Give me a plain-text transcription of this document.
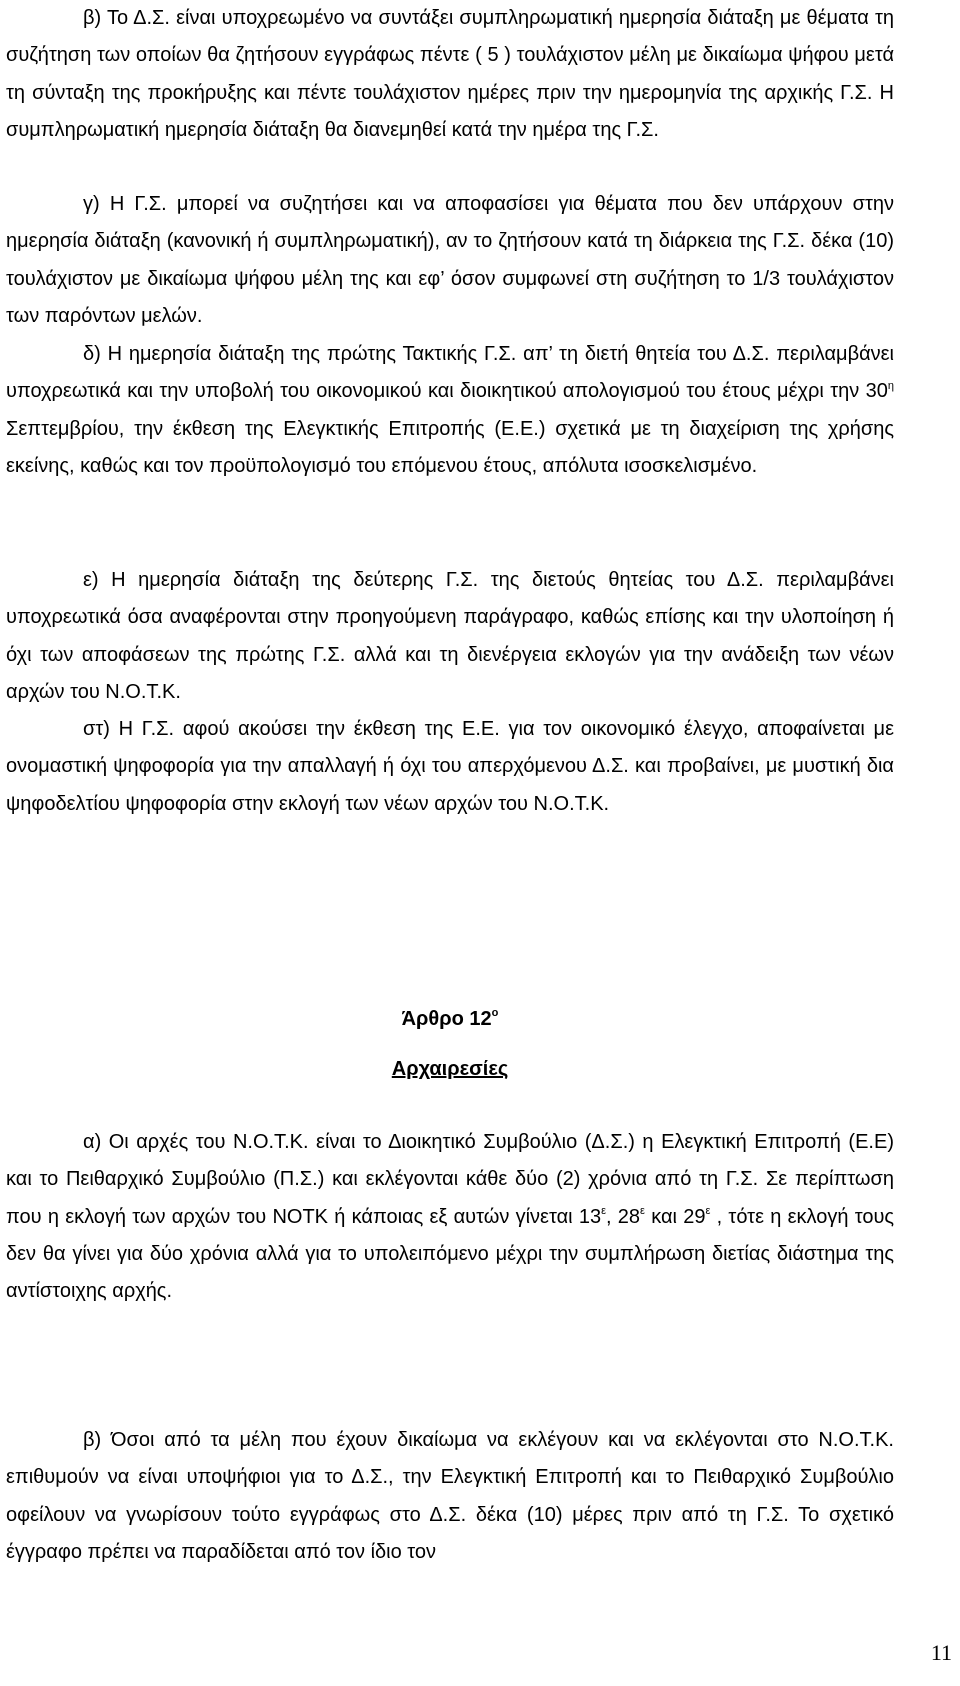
β) Το Δ.Σ. είναι υποχρεωμένο να συντάξει συμπληρωματική ημερησία διάταξη με θέματα τη συζήτηση των οποίων θα ζητήσουν εγγράφως πέντε ( 5 ) τουλάχιστον μέλη με δικαίωμα ψήφου μετά τη σύνταξη της προκήρυξης και πέντε τουλάχιστον ημέρες πριν την ημερομηνία της αρχικής Γ.Σ. Η συμπληρωματική ημερησία διάταξη θα διανεμηθεί κατά την ημέρα της Γ.Σ.

γ) Η Γ.Σ. μπορεί να συζητήσει και να αποφασίσει για θέματα που δεν υπάρχουν στην ημερησία διάταξη (κανονική ή συμπληρωματική), αν το ζητήσουν κατά τη διάρκεια της Γ.Σ. δέκα (10) τουλάχιστον με δικαίωμα ψήφου μέλη της και εφ’ όσον συμφωνεί στη συζήτηση το 1/3 τουλάχιστον των παρόντων μελών.

δ) Η ημερησία διάταξη της πρώτης Τακτικής Γ.Σ. απ’ τη διετή θητεία του Δ.Σ. περιλαμβάνει υποχρεωτικά και την υποβολή του οικονομικού και διοικητικού απολογισμού του έτους μέχρι την $30^\eta$ Σεπτεμβρίου, την έκθεση της Ελεγκτικής Επιτροπής (Ε.Ε.) σχετικά με τη διαχείριση της χρήσης εκείνης, καθώς και τον προϋπολογισμό του επόμενου έτους, απόλυτα ισοσκελισμένο.

ε) Η ημερησία διάταξη της δεύτερης Γ.Σ. της διετούς θητείας του Δ.Σ. περιλαμβάνει υποχρεωτικά όσα αναφέρονται στην προηγούμενη παράγραφο, καθώς επίσης και την υλοποίηση ή όχι των αποφάσεων της πρώτης Γ.Σ. αλλά και τη διενέργεια εκλογών για την ανάδειξη των νέων αρχών του Ν.Ο.Τ.Κ.

στ) Η Γ.Σ. αφού ακούσει την έκθεση της Ε.Ε. για τον οικονομικό έλεγχο, αποφαίνεται με ονομαστική ψηφοφορία για την απαλλαγή ή όχι του απερχόμενου Δ.Σ. και προβαίνει, με μυστική δια ψηφοδελτίου ψηφοφορία στην εκλογή των νέων αρχών του Ν.Ο.Τ.Κ.

Άρθρο $12^o$
Αρχαιρεσίες

α) Οι αρχές του Ν.Ο.Τ.Κ. είναι το Διοικητικό Συμβούλιο (Δ.Σ.) η Ελεγκτική Επιτροπή (Ε.Ε) και το Πειθαρχικό Συμβούλιο (Π.Σ.) και εκλέγονται κάθε δύο (2) χρόνια από τη Γ.Σ. Σε περίπτωση που η εκλογή των αρχών του ΝΟΤΚ ή κάποιας εξ αυτών γίνεται $13^\varepsilon$, $28^\varepsilon$ και $29^\varepsilon$ , τότε η εκλογή τους δεν θα γίνει για δύο χρόνια αλλά για το υπολειπόμενο μέχρι την συμπλήρωση διετίας διάστημα της αντίστοιχης αρχής.

β) Όσοι από τα μέλη που έχουν δικαίωμα να εκλέγουν και να εκλέγονται στο Ν.Ο.Τ.Κ. επιθυμούν να είναι υποψήφιοι για το Δ.Σ., την Ελεγκτική Επιτροπή και το Πειθαρχικό Συμβούλιο οφείλουν να γνωρίσουν τούτο εγγράφως στο Δ.Σ. δέκα (10) μέρες πριν από τη Γ.Σ. Το σχετικό έγγραφο πρέπει να παραδίδεται από τον ίδιο τον

11
